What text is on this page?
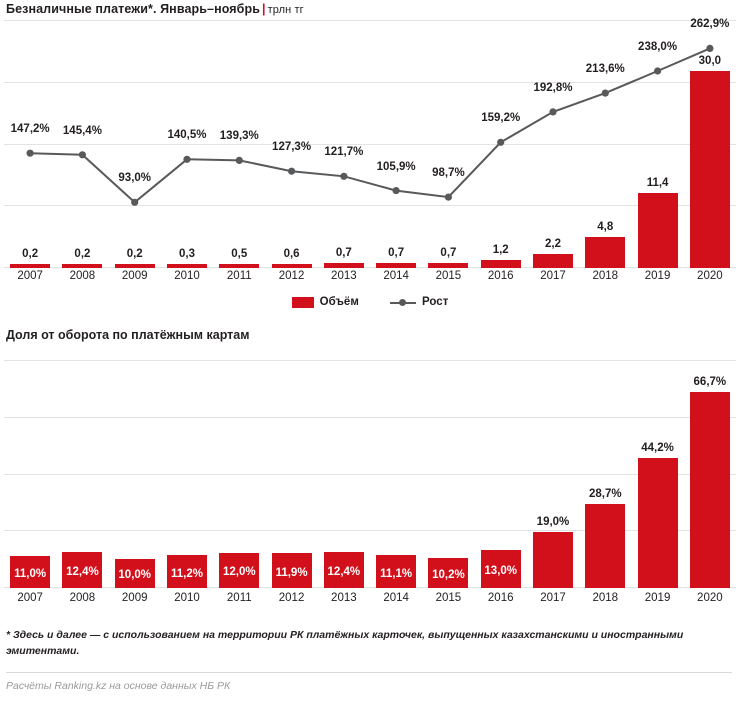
Безналичные платежи*. Январь–ноябрь | трлн тг
0,2
147,2%
0,2
145,4%
0,2
93,0%
0,3
140,5%
0,5
139,3%
0,6
127,3%
0,7
121,7%
0,7
105,9%
0,7
98,7%
1,2
159,2%
2,2
192,8%
4,8
213,6%
11,4
238,0%
30,0
262,9%
2007 2008 2009 2010 2011 2012 2013 2014 2015 2016 2017 2018 2019 2020
Объём	Рост
Доля от оборота по платёжным картам
11,0% 12,4% 10,0% 11,2% 12,0% 11,9% 12,4% 11,1% 10,2% 13,0%
19,0%
28,7%
44,2%
66,7%
2007 2008 2009 2010 2011 2012 2013 2014 2015 2016 2017 2018 2019 2020
* Здесь и далее — с использованием на территории РК платёжных карточек, выпущенных казахстанскими и иностранными эмитентами.
Расчёты Ranking.kz на основе данных НБ РК
